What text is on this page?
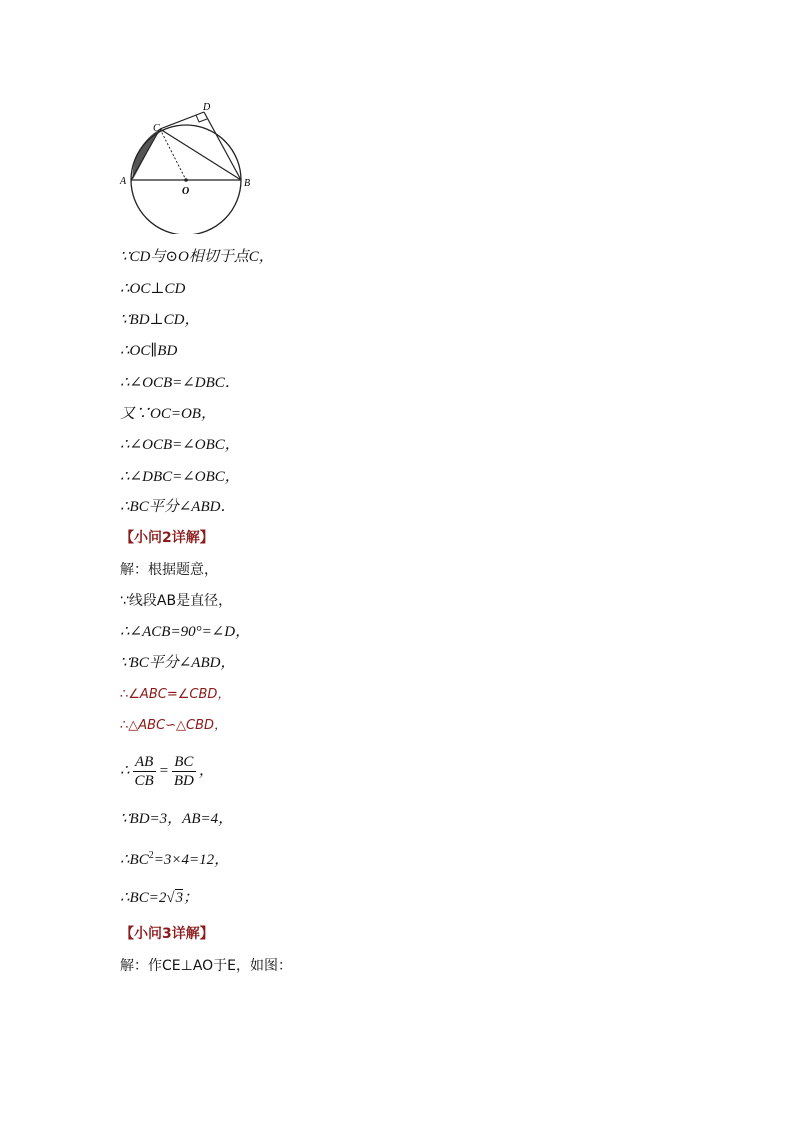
A	B
C
D
O
∵CD与⊙O相切于点C，
∴OC⊥CD
∵BD⊥CD，
∴OC∥BD
∴∠OCB=∠DBC．
又∵OC=OB，
∴∠OCB=∠OBC，
∴∠DBC=∠OBC，
∴BC平分∠ABD．
【小问2详解】
解：根据题意，
∵线段AB是直径，
∴∠ACB=90°=∠D，
∵BC平分∠ABD，
∴∠ABC=∠CBD，
∴△ABC∽△CBD，
∴ $\frac{AB}{CB} = \frac{BC}{BD}$ ，
∵BD=3，AB=4，
$\therefore BC^2=3\times 4=12$，
∴BC=2√3；
【小问3详解】
解：作CE⊥AO于E，如图：
